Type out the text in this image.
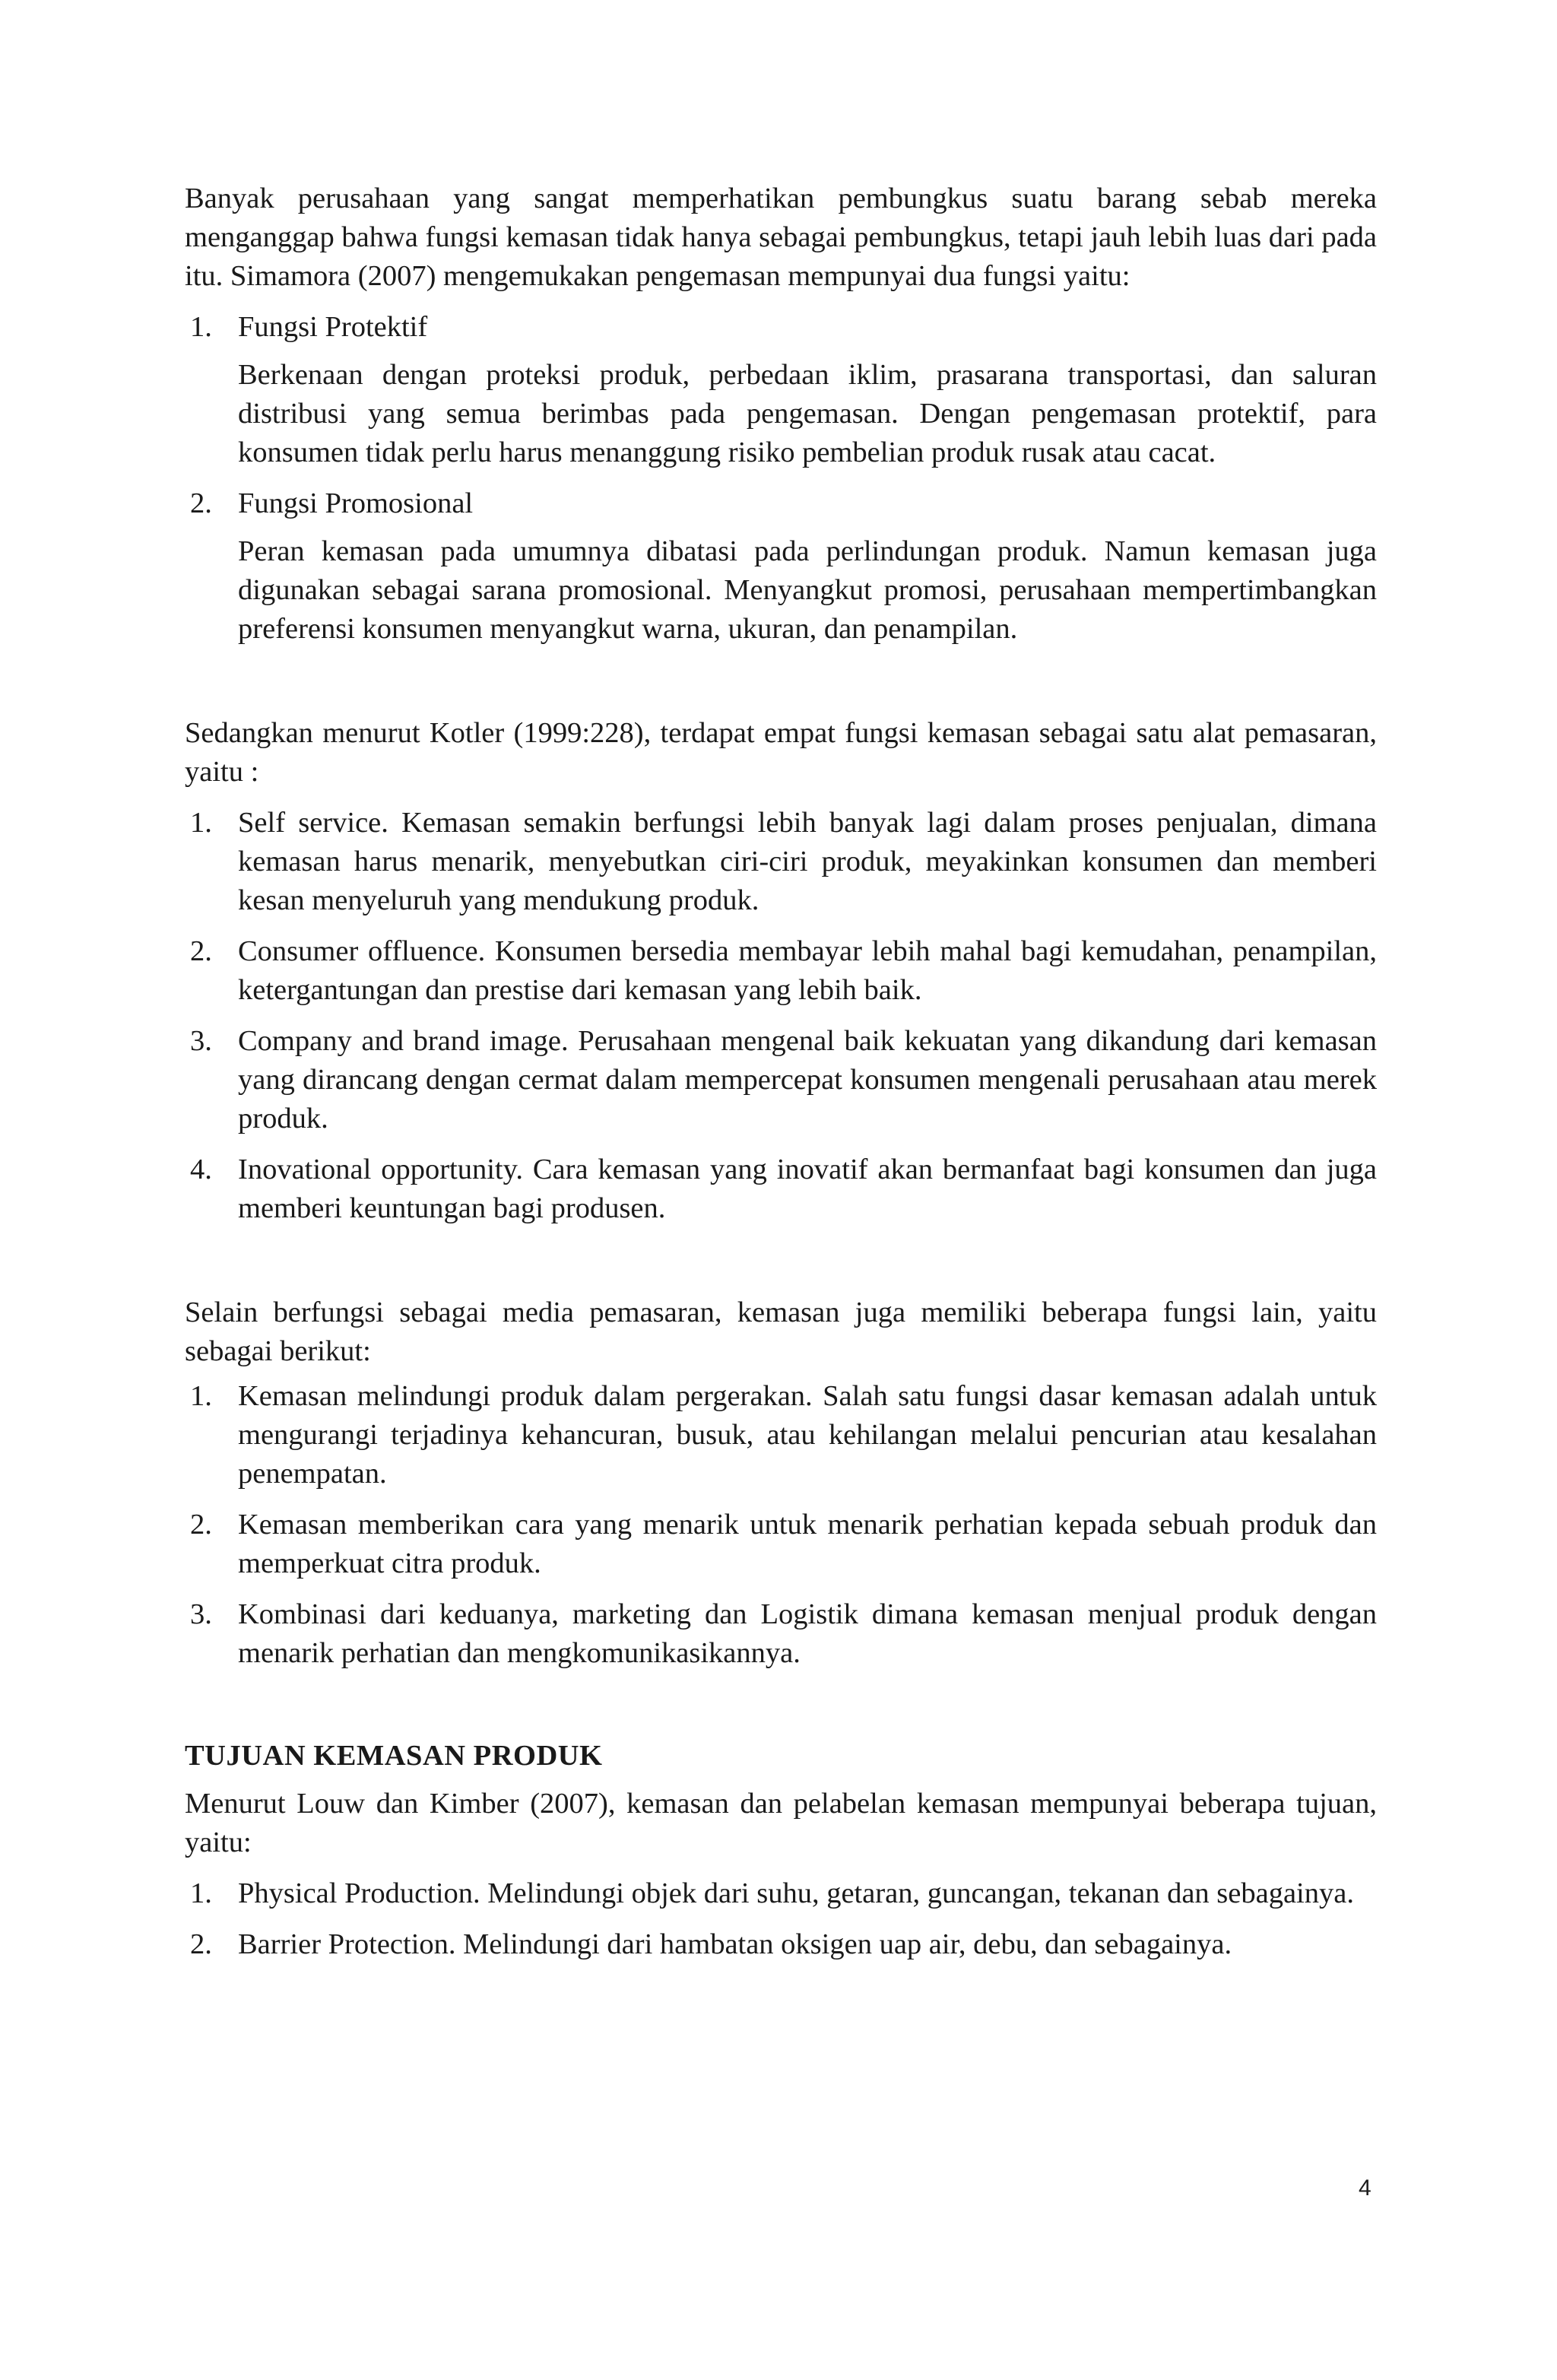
Banyak perusahaan yang sangat memperhatikan pembungkus suatu barang sebab mereka menganggap bahwa fungsi kemasan tidak hanya sebagai pembungkus, tetapi jauh lebih luas dari pada itu. Simamora (2007) mengemukakan pengemasan mempunyai dua fungsi yaitu:

1. Fungsi Protektif
Berkenaan dengan proteksi produk, perbedaan iklim, prasarana transportasi, dan saluran distribusi yang semua berimbas pada pengemasan. Dengan pengemasan protektif, para konsumen tidak perlu harus menanggung risiko pembelian produk rusak atau cacat.
2. Fungsi Promosional
Peran kemasan pada umumnya dibatasi pada perlindungan produk. Namun kemasan juga digunakan sebagai sarana promosional. Menyangkut promosi, perusahaan mempertimbangkan preferensi konsumen menyangkut warna, ukuran, dan penampilan.

Sedangkan menurut Kotler (1999:228), terdapat empat fungsi kemasan sebagai satu alat pemasaran, yaitu :

1. Self service. Kemasan semakin berfungsi lebih banyak lagi dalam proses penjualan, dimana kemasan harus menarik, menyebutkan ciri-ciri produk, meyakinkan konsumen dan memberi kesan menyeluruh yang mendukung produk.
2. Consumer offluence. Konsumen bersedia membayar lebih mahal bagi kemudahan, penampilan, ketergantungan dan prestise dari kemasan yang lebih baik.
3. Company and brand image. Perusahaan mengenal baik kekuatan yang dikandung dari kemasan yang dirancang dengan cermat dalam mempercepat konsumen mengenali perusahaan atau merek produk.
4. Inovational opportunity. Cara kemasan yang inovatif akan bermanfaat bagi konsumen dan juga memberi keuntungan bagi produsen.

Selain berfungsi sebagai media pemasaran, kemasan juga memiliki beberapa fungsi lain, yaitu sebagai berikut:

1. Kemasan melindungi produk dalam pergerakan. Salah satu fungsi dasar kemasan adalah untuk mengurangi terjadinya kehancuran, busuk, atau kehilangan melalui pencurian atau kesalahan penempatan.
2. Kemasan memberikan cara yang menarik untuk menarik perhatian kepada sebuah produk dan memperkuat citra produk.
3. Kombinasi dari keduanya, marketing dan Logistik dimana kemasan menjual produk dengan menarik perhatian dan mengkomunikasikannya.

TUJUAN KEMASAN PRODUK

Menurut Louw dan Kimber (2007), kemasan dan pelabelan kemasan mempunyai beberapa tujuan, yaitu:

1. Physical Production. Melindungi objek dari suhu, getaran, guncangan, tekanan dan sebagainya.
2. Barrier Protection. Melindungi dari hambatan oksigen uap air, debu, dan sebagainya.
4
